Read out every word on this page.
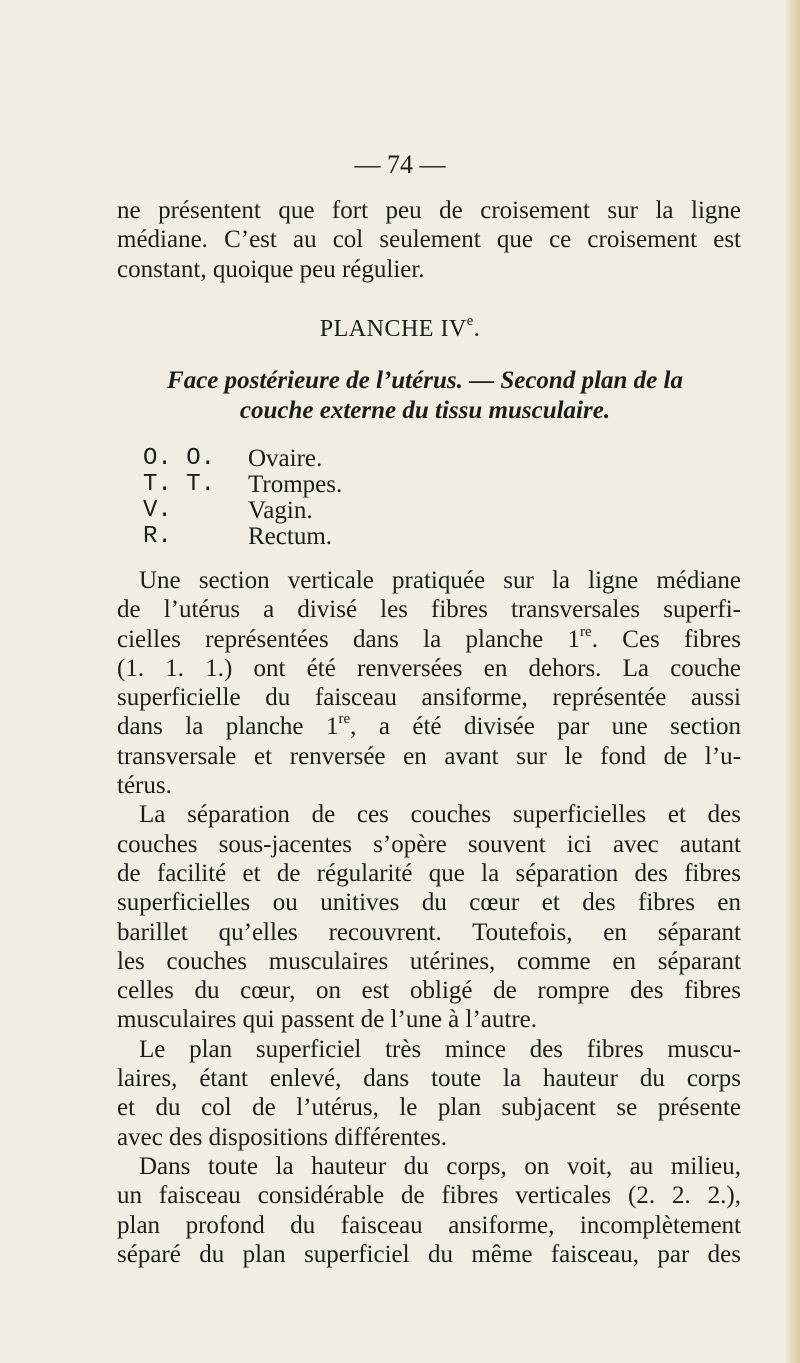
— 74 —
ne présentent que fort peu de croisement sur la ligne
médiane. C’est au col seulement que ce croisement est
constant, quoique peu régulier.
PLANCHE IVe.
Face postérieure de l’utérus. — Second plan de la
couche externe du tissu musculaire.
O. O.	Ovaire.
T. T.	Trompes.
V.	Vagin.
R.	Rectum.
Une section verticale pratiquée sur la ligne médiane
de l’utérus a divisé les fibres transversales superfi-
cielles représentées dans la planche 1re. Ces fibres
(1. 1. 1.) ont été renversées en dehors. La couche
superficielle du faisceau ansiforme, représentée aussi
dans la planche 1re, a été divisée par une section
transversale et renversée en avant sur le fond de l’u-
térus.
La séparation de ces couches superficielles et des
couches sous-jacentes s’opère souvent ici avec autant
de facilité et de régularité que la séparation des fibres
superficielles ou unitives du cœur et des fibres en
barillet qu’elles recouvrent. Toutefois, en séparant
les couches musculaires utérines, comme en séparant
celles du cœur, on est obligé de rompre des fibres
musculaires qui passent de l’une à l’autre.
Le plan superficiel très mince des fibres muscu-
laires, étant enlevé, dans toute la hauteur du corps
et du col de l’utérus, le plan subjacent se présente
avec des dispositions différentes.
Dans toute la hauteur du corps, on voit, au milieu,
un faisceau considérable de fibres verticales (2. 2. 2.),
plan profond du faisceau ansiforme, incomplètement
séparé du plan superficiel du même faisceau, par des
